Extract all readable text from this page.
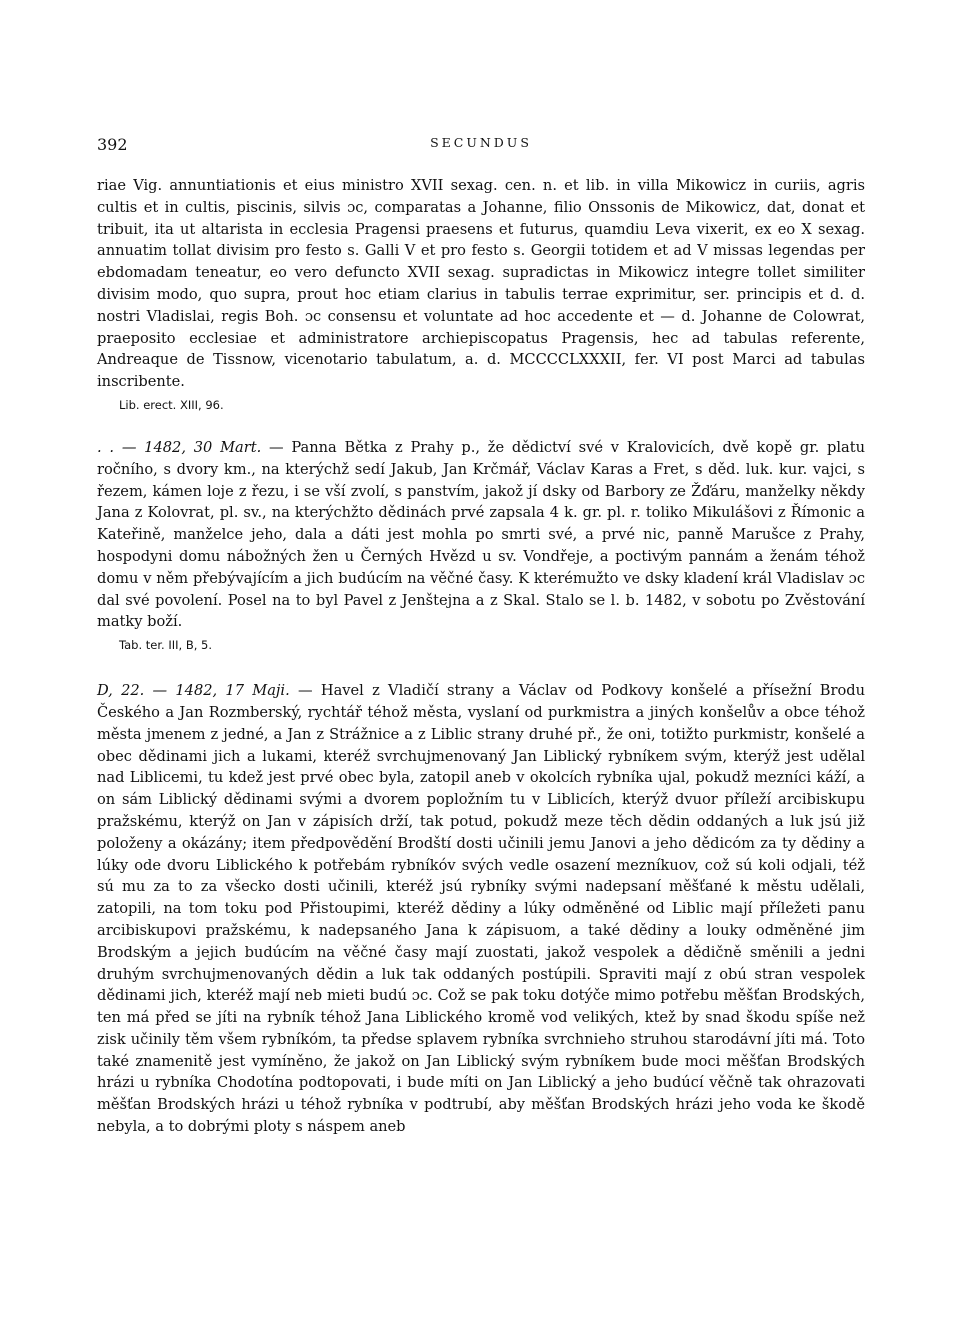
392	SECUNDUS

riae Vig. annuntiationis et eius ministro XVII sexag. cen. n. et lib. in villa Mikowicz in curiis, agris cultis et in cultis, piscinis, silvis ɔc, comparatas a Johanne, filio Onssonis de Mikowicz, dat, donat et tribuit, ita ut altarista in ecclesia Pragensi praesens et futurus, quamdiu Leva vixerit, ex eo X sexag. annuatim tollat divisim pro festo s. Galli V et pro festo s. Georgii totidem et ad V missas legendas per ebdomadam teneatur, eo vero defuncto XVII sexag. supradictas in Mikowicz integre tollet similiter divisim modo, quo supra, prout hoc etiam clarius in tabulis terrae exprimitur, ser. principis et d. d. nostri Vladislai, regis Boh. ɔc consensu et voluntate ad hoc accedente et — d. Johanne de Colowrat, praeposito ecclesiae et administratore archiepiscopatus Pragensis, hec ad tabulas referente, Andreaque de Tissnow, vicenotario tabulatum, a. d. MCCCCLXXXII, fer. VI post Marci ad tabulas inscribente.

Lib. erect. XIII, 96.

. . — 1482, 30 Mart. — Panna Bětka z Prahy p., že dědictví své v Kralovicích, dvě kopě gr. platu ročního, s dvory km., na kterýchž sedí Jakub, Jan Krčmář, Václav Karas a Fret, s děd. luk. kur. vajci, s řezem, kámen loje z řezu, i se vší zvolí, s panstvím, jakož jí dsky od Barbory ze Žďáru, manželky někdy Jana z Kolovrat, pl. sv., na kterýchžto dědinách prvé zapsala 4 k. gr. pl. r. toliko Mikulášovi z Římonic a Kateřině, manželce jeho, dala a dáti jest mohla po smrti své, a prvé nic, panně Marušce z Prahy, hospodyni domu nábožných žen u Černých Hvězd u sv. Vondřeje, a poctivým pannám a ženám téhož domu v něm přebývajícím a jich budúcím na věčné časy. K kterémužto ve dsky kladení král Vladislav ɔc dal své povolení. Posel na to byl Pavel z Jenštejna a z Skal. Stalo se l. b. 1482, v sobotu po Zvěstování matky boží.

Tab. ter. III, B, 5.

D, 22. — 1482, 17 Maji. — Havel z Vladičí strany a Václav od Podkovy konšelé a přísežní Brodu Českého a Jan Rozmberský, rychtář téhož města, vyslaní od purkmistra a jiných konšelův a obce téhož města jmenem z jedné, a Jan z Strážnice a z Liblic strany druhé př., že oni, totižto purkmistr, konšelé a obec dědinami jich a lukami, kteréž svrchujmenovaný Jan Liblický rybníkem svým, kterýž jest udělal nad Liblicemi, tu kdež jest prvé obec byla, zatopil aneb v okolcích rybníka ujal, pokudž mezníci káží, a on sám Liblický dědinami svými a dvorem popložním tu v Liblicích, kterýž dvuor příleží arcibiskupu pražskému, kterýž on Jan v zápisích drží, tak potud, pokudž meze těch dědin oddaných a luk jsú již položeny a okázány; item předpovědění Brodští dosti učinili jemu Janovi a jeho dědicóm za ty dědiny a lúky ode dvoru Liblického k potřebám rybníkóv svých vedle osazení mezníkuov, což sú koli odjali, též sú mu za to za všecko dosti učinili, kteréž jsú rybníky svými nadepsaní měšťané k městu udělali, zatopili, na tom toku pod Přistoupimi, kteréž dědiny a lúky odměněné od Liblic mají příležeti panu arcibiskupovi pražskému, k nadepsaného Jana k zápisuom, a také dědiny a louky odměněné jim Brodským a jejich budúcím na věčné časy mají zuostati, jakož vespolek a dědičně směnili a jedni druhým svrchujmenovaných dědin a luk tak oddaných postúpili. Spraviti mají z obú stran vespolek dědinami jich, kteréž mají neb mieti budú ɔc. Což se pak toku dotýče mimo potřebu měšťan Brodských, ten má před se jíti na rybník téhož Jana Liblického kromě vod velikých, ktež by snad škodu spíše než zisk učinily těm všem rybníkóm, ta předse splavem rybníka svrchnieho struhou starodávní jíti má. Toto také znamenitě jest vymíněno, že jakož on Jan Liblický svým rybníkem bude moci měšťan Brodských hrázi u rybníka Chodotína podtopovati, i bude míti on Jan Liblický a jeho budúcí věčně tak ohrazovati měšťan Brodských hrázi u téhož rybníka v podtrubí, aby měšťan Brodských hrázi jeho voda ke škodě nebyla, a to dobrými ploty s náspem aneb
